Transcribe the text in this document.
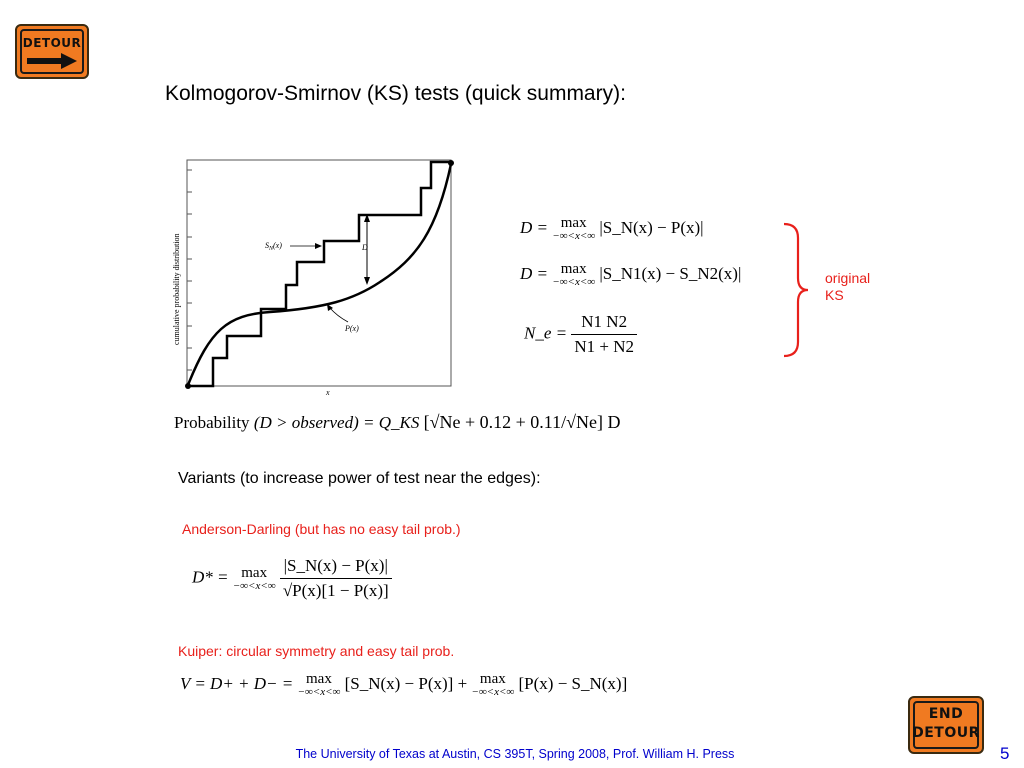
DETOUR
Kolmogorov-Smirnov (KS) tests (quick summary):
D
$S_N(x)$
P(x)
x
cumulative probability distribution
D = max
−∞<x<∞ |S_N(x) − P(x)|
D = max
−∞<x<∞ |S_N1(x) − S_N2(x)|
N_e = $\frac{N1 N2}{N1 + N2}$
original
KS
Probability (D > observed) = Q_KS [√Ne + 0.12 + 0.11/√Ne] D
Variants (to increase power of test near the edges):
Anderson-Darling (but has no easy tail prob.)
D* = max
−∞<x<∞
$\frac{|S\_N(x) - P(x)|}{√P(x)[1 - P(x)]}$
Kuiper: circular symmetry and easy tail prob.
V = D+ + D− = max
−∞<x<∞ [S_N(x) − P(x)] + max
−∞<x<∞ [P(x) − S_N(x)]
END
DETOUR
The University of Texas at Austin, CS 395T, Spring 2008, Prof. William H. Press	5
